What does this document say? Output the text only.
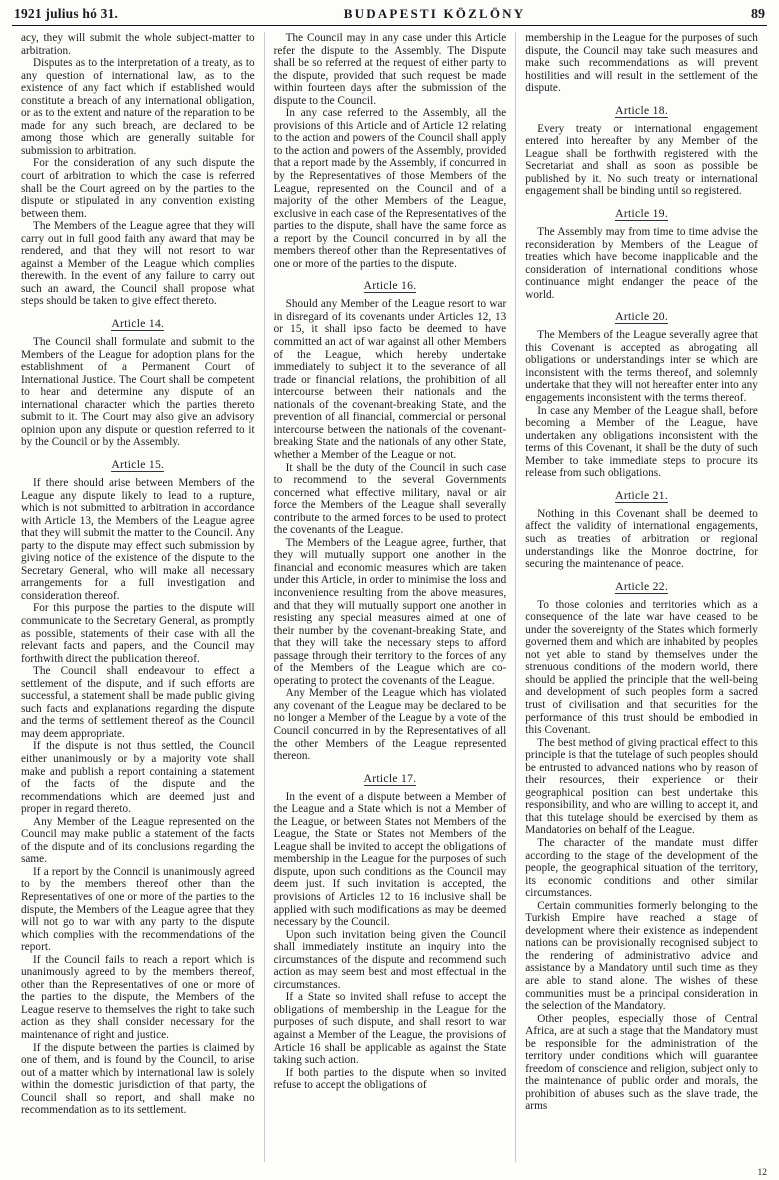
1921 julius hó 31.	BUDAPESTI KÖZLÖNY	89

acy, they will submit the whole subject-matter to arbitration.

Disputes as to the interpretation of a treaty, as to any question of international law, as to the existence of any fact which if established would constitute a breach of any international obligation, or as to the extent and nature of the reparation to be made for any such breach, are declared to be among those which are generally suitable for submission to arbitration.

For the consideration of any such dispute the court of arbitration to which the case is referred shall be the Court agreed on by the parties to the dispute or stipulated in any convention existing between them.

The Members of the League agree that they will carry out in full good faith any award that may be rendered, and that they will not resort to war against a Member of the League which complies therewith. In the event of any failure to carry out such an award, the Council shall propose what steps should be taken to give effect thereto.

Article 14.

The Council shall formulate and submit to the Members of the League for adoption plans for the establishment of a Permanent Court of International Justice. The Court shall be competent to hear and determine any dispute of an international character which the parties thereto submit to it. The Court may also give an advisory opinion upon any dispute or question referred to it by the Council or by the Assembly.

Article 15.

If there should arise between Members of the League any dispute likely to lead to a rupture, which is not submitted to arbitration in accordance with Article 13, the Members of the League agree that they will submit the matter to the Council. Any party to the dispute may effect such submission by giving notice of the existence of the dispute to the Secretary General, who will make all necessary arrangements for a full investigation and consideration thereof.

For this purpose the parties to the dispute will communicate to the Secretary General, as promptly as possible, statements of their case with all the relevant facts and papers, and the Council may forthwith direct the publication thereof.

The Council shall endeavour to effect a settlement of the dispute, and if such efforts are successful, a statement shall be made public giving such facts and explanations regarding the dispute and the terms of settlement thereof as the Council may deem appropriate.

If the dispute is not thus settled, the Council either unanimously or by a majority vote shall make and publish a report containing a statement of the facts of the dispute and the recommendations which are deemed just and proper in regard thereto.

Any Member of the League represented on the Council may make public a statement of the facts of the dispute and of its conclusions regarding the same.

If a report by the Conncil is unanimously agreed to by the members thereof other than the Representatives of one or more of the parties to the dispute, the Members of the League agree that they will not go to war with any party to the dispute which complies with the recommendations of the report.

If the Council fails to reach a report which is unanimously agreed to by the members thereof, other than the Representatives of one or more of the parties to the dispute, the Members of the League reserve to themselves the right to take such action as they shall consider necessary for the maintenance of right and justice.

If the dispute between the parties is claimed by one of them, and is found by the Council, to arise out of a matter which by international law is solely within the domestic jurisdiction of that party, the Council shall so report, and shall make no recommendation as to its settlement.

The Council may in any case under this Article refer the dispute to the Assembly. The Dispute shall be so referred at the request of either party to the dispute, provided that such request be made within fourteen days after the submission of the dispute to the Council.

In any case referred to the Assembly, all the provisions of this Article and of Article 12 relating to the action and powers of the Council shall apply to the action and powers of the Assembly, provided that a report made by the Assembly, if concurred in by the Representatives of those Members of the League, represented on the Council and of a majority of the other Members of the League, exclusive in each case of the Representatives of the parties to the dispute, shall have the same force as a report by the Council concurred in by all the members thereof other than the Representatives of one or more of the parties to the dispute.

Article 16.

Should any Member of the League resort to war in disregard of its covenants under Articles 12, 13 or 15, it shall ipso facto be deemed to have committed an act of war against all other Members of the League, which hereby undertake immediately to subject it to the severance of all trade or financial relations, the prohibition of all intercourse between their nationals and the nationals of the covenant-breaking State, and the prevention of all financial, commercial or personal intercourse between the nationals of the covenant-breaking State and the nationals of any other State, whether a Member of the League or not.

It shall be the duty of the Council in such case to recommend to the several Governments concerned what effective military, naval or air force the Members of the League shall severally contribute to the armed forces to be used to protect the covenants of the League.

The Members of the League agree, further, that they will mutually support one another in the financial and economic measures which are taken under this Article, in order to minimise the loss and inconvenience resulting from the above measures, and that they will mutually support one another in resisting any special measures aimed at one of their number by the covenant-breaking State, and that they will take the necessary steps to afford passage through their territory to the forces of any of the Members of the League which are co-operating to protect the covenants of the League.

Any Member of the League which has violated any covenant of the League may be declared to be no longer a Member of the League by a vote of the Council concurred in by the Representatives of all the other Members of the League represented thereon.

Article 17.

In the event of a dispute between a Member of the League and a State which is not a Member of the League, or between States not Members of the League, the State or States not Members of the League shall be invited to accept the obligations of membership in the League for the purposes of such dispute, upon such conditions as the Council may deem just. If such invitation is accepted, the provisions of Articles 12 to 16 inclusive shall be applied with such modifications as may be deemed necessary by the Council.

Upon such invitation being given the Council shall immediately institute an inquiry into the circumstances of the dispute and recommend such action as may seem best and most effectual in the circumstances.

If a State so invited shall refuse to accept the obligations of membership in the League for the purposes of such dispute, and shall resort to war against a Member of the League, the provisions of Article 16 shall be applicable as against the State taking such action.

If both parties to the dispute when so invited refuse to accept the obligations of

membership in the League for the purposes of such dispute, the Council may take such measures and make such recommendations as will prevent hostilities and will result in the settlement of the dispute.

Article 18.

Every treaty or international engagement entered into hereafter by any Member of the League shall be forthwith registered with the Secretariat and shall as soon as possible be published by it. No such treaty or international engagement shall be binding until so registered.

Article 19.

The Assembly may from time to time advise the reconsideration by Members of the League of treaties which have become inapplicable and the consideration of international conditions whose continuance might endanger the peace of the world.

Article 20.

The Members of the League severally agree that this Covenant is accepted as abrogating all obligations or understandings inter se which are inconsistent with the terms thereof, and solemnly undertake that they will not hereafter enter into any engagements inconsistent with the terms thereof.

In case any Member of the League shall, before becoming a Member of the League, have undertaken any obligations inconsistent with the terms of this Covenant, it shall be the duty of such Member to take immediate steps to procure its release from such obligations.

Article 21.

Nothing in this Covenant shall be deemed to affect the validity of international engagements, such as treaties of arbitration or regional understandings like the Monroe doctrine, for securing the maintenance of peace.

Article 22.

To those colonies and territories which as a consequence of the late war have ceased to be under the sovereignty of the States which formerly governed them and which are inhabited by peoples not yet able to stand by themselves under the strenuous conditions of the modern world, there should be applied the principle that the well-being and development of such peoples form a sacred trust of civilisation and that securities for the performance of this trust should be embodied in this Covenant.

The best method of giving practical effect to this principle is that the tutelage of such peoples should be entrusted to advanced nations who by reason of their resources, their experience or their geographical position can best undertake this responsibility, and who are willing to accept it, and that this tutelage should be exercised by them as Mandatories on behalf of the League.

The character of the mandate must differ according to the stage of the development of the people, the geographical situation of the territory, its economic conditions and other similar circumstances.

Certain communities formerly belonging to the Turkish Empire have reached a stage of development where their existence as independent nations can be provisionally recognised subject to the rendering of administrativo advice and assistance by a Mandatory until such time as they are able to stand alone. The wishes of these communities must be a principal consideration in the selection of the Mandatory.

Other peoples, especially those of Central Africa, are at such a stage that the Mandatory must be responsible for the administration of the territory under conditions which will guarantee freedom of conscience and religion, subject only to the maintenance of public order and morals, the prohibition of abuses such as the slave trade, the arms

12
